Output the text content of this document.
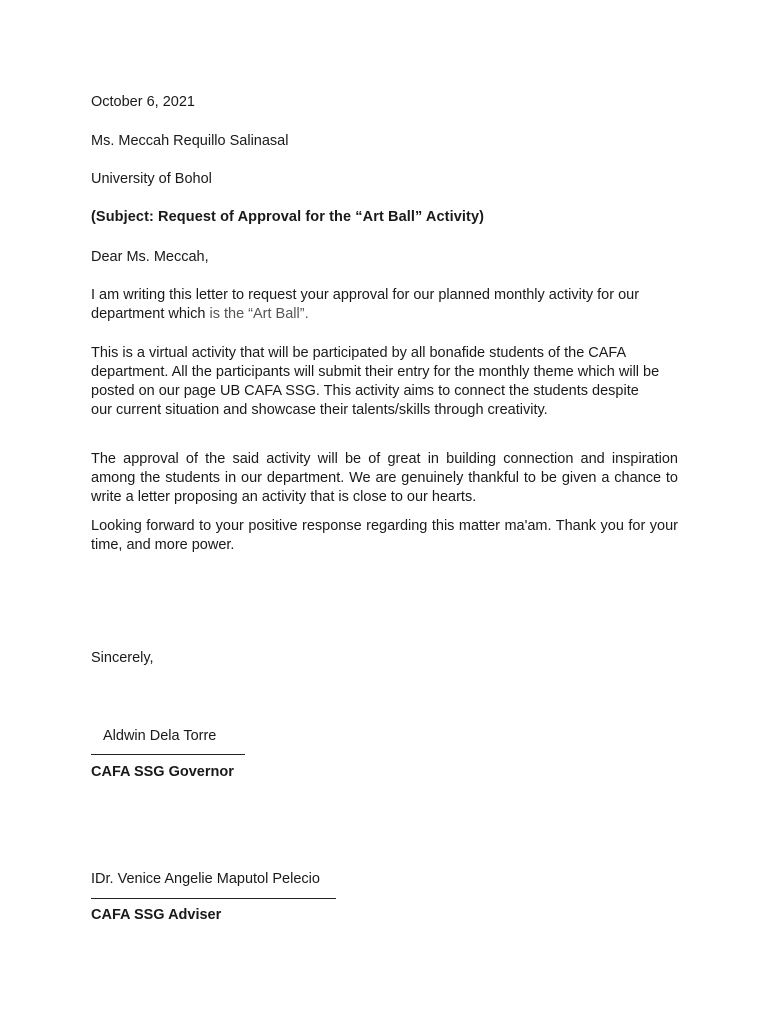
October 6, 2021
Ms. Meccah Requillo Salinasal
University of Bohol
(Subject: Request of Approval for the “Art Ball” Activity)
Dear Ms. Meccah,
I am writing this letter to request your approval for our planned monthly activity for our department which is the “Art Ball”.
This is a virtual activity that will be participated by all bonafide students of the CAFA department. All the participants will submit their entry for the monthly theme which will be posted on our page UB CAFA SSG. This activity aims to connect the students despite our current situation and showcase their talents/skills through creativity.
The approval of the said activity will be of great in building connection and inspiration among the students in our department. We are genuinely thankful to be given a chance to write a letter proposing an activity that is close to our hearts.
Looking forward to your positive response regarding this matter ma'am. Thank you for your time, and more power.
Sincerely,
Aldwin Dela Torre
CAFA SSG Governor
IDr. Venice Angelie Maputol Pelecio
CAFA SSG Adviser
